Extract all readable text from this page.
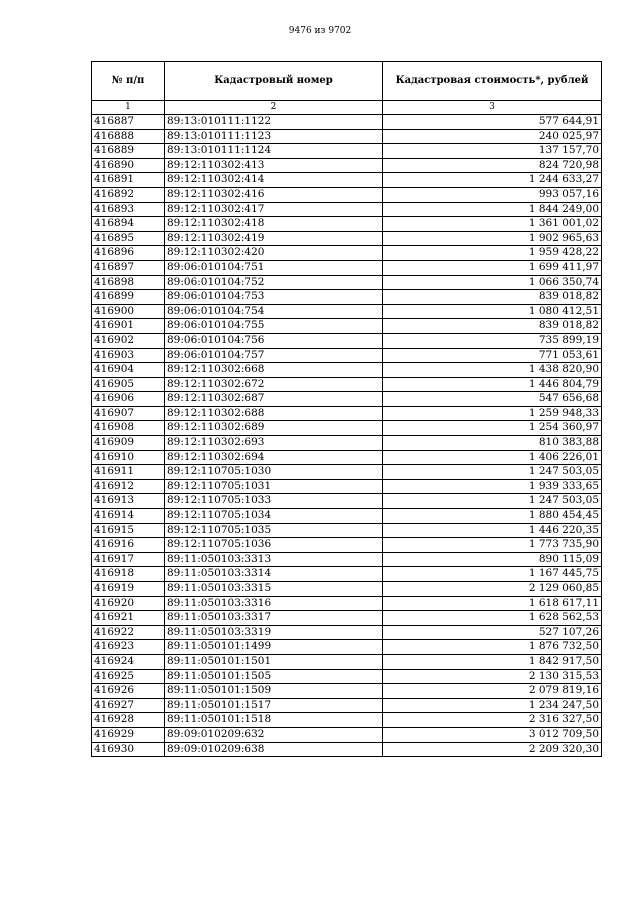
9476 из 9702
№ п/п	Кадастровый номер	Кадастровая стоимость*, рублей
1	2	3
416887	89:13:010111:1122	577 644,91
416888	89:13:010111:1123	240 025,97
416889	89:13:010111:1124	137 157,70
416890	89:12:110302:413	824 720,98
416891	89:12:110302:414	1 244 633,27
416892	89:12:110302:416	993 057,16
416893	89:12:110302:417	1 844 249,00
416894	89:12:110302:418	1 361 001,02
416895	89:12:110302:419	1 902 965,63
416896	89:12:110302:420	1 959 428,22
416897	89:06:010104:751	1 699 411,97
416898	89:06:010104:752	1 066 350,74
416899	89:06:010104:753	839 018,82
416900	89:06:010104:754	1 080 412,51
416901	89:06:010104:755	839 018,82
416902	89:06:010104:756	735 899,19
416903	89:06:010104:757	771 053,61
416904	89:12:110302:668	1 438 820,90
416905	89:12:110302:672	1 446 804,79
416906	89:12:110302:687	547 656,68
416907	89:12:110302:688	1 259 948,33
416908	89:12:110302:689	1 254 360,97
416909	89:12:110302:693	810 383,88
416910	89:12:110302:694	1 406 226,01
416911	89:12:110705:1030	1 247 503,05
416912	89:12:110705:1031	1 939 333,65
416913	89:12:110705:1033	1 247 503,05
416914	89:12:110705:1034	1 880 454,45
416915	89:12:110705:1035	1 446 220,35
416916	89:12:110705:1036	1 773 735,90
416917	89:11:050103:3313	890 115,09
416918	89:11:050103:3314	1 167 445,75
416919	89:11:050103:3315	2 129 060,85
416920	89:11:050103:3316	1 618 617,11
416921	89:11:050103:3317	1 628 562,53
416922	89:11:050103:3319	527 107,26
416923	89:11:050101:1499	1 876 732,50
416924	89:11:050101:1501	1 842 917,50
416925	89:11:050101:1505	2 130 315,53
416926	89:11:050101:1509	2 079 819,16
416927	89:11:050101:1517	1 234 247,50
416928	89:11:050101:1518	2 316 327,50
416929	89:09:010209:632	3 012 709,50
416930	89:09:010209:638	2 209 320,30
